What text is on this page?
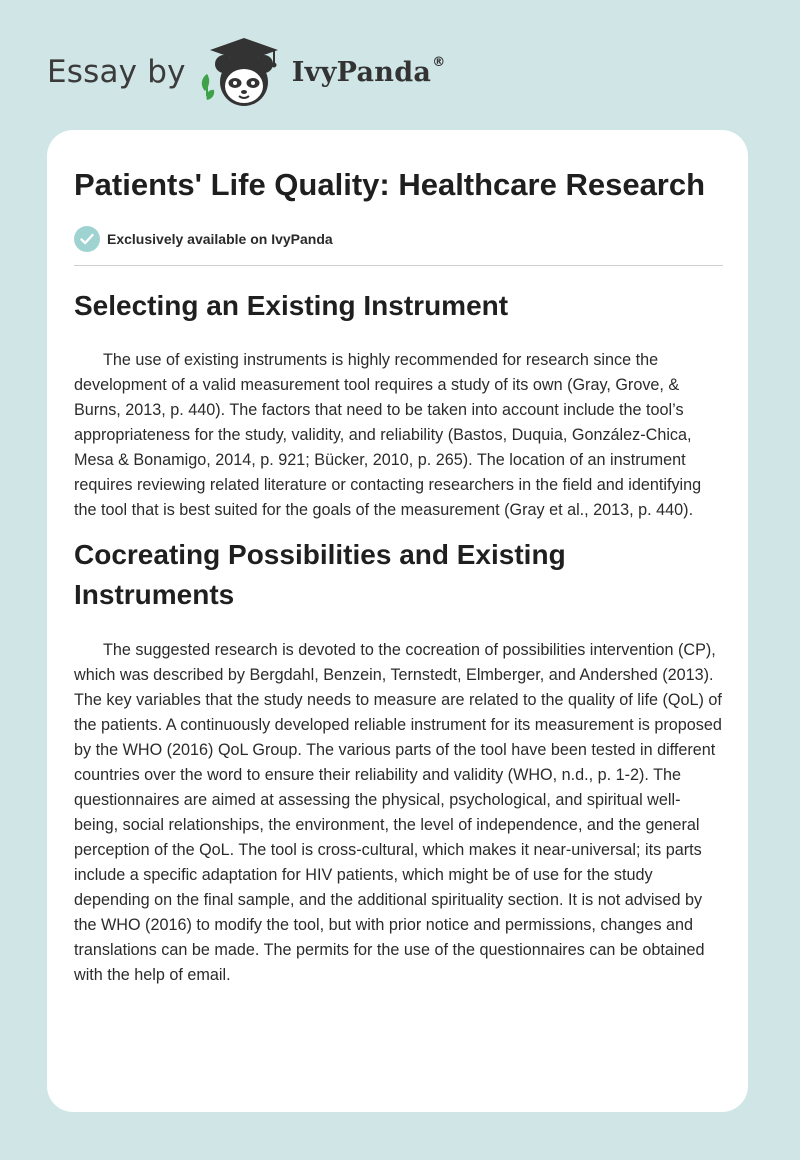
Essay by	IvyPanda®
Patients' Life Quality: Healthcare Research
Exclusively available on IvyPanda
Selecting an Existing Instrument

The use of existing instruments is highly recommended for research since the development of a valid measurement tool requires a study of its own (Gray, Grove, & Burns, 2013, p. 440). The factors that need to be taken into account include the tool’s appropriateness for the study, validity, and reliability (Bastos, Duquia, González-Chica, Mesa & Bonamigo, 2014, p. 921; Bücker, 2010, p. 265). The location of an instrument requires reviewing related literature or contacting researchers in the field and identifying the tool that is best suited for the goals of the measurement (Gray et al., 2013, p. 440).

Cocreating Possibilities and Existing Instruments

The suggested research is devoted to the cocreation of possibilities intervention (CP), which was described by Bergdahl, Benzein, Ternstedt, Elmberger, and Andershed (2013). The key variables that the study needs to measure are related to the quality of life (QoL) of the patients. A continuously developed reliable instrument for its measurement is proposed by the WHO (2016) QoL Group. The various parts of the tool have been tested in different countries over the word to ensure their reliability and validity (WHO, n.d., p. 1-2). The questionnaires are aimed at assessing the physical, psychological, and spiritual well-being, social relationships, the environment, the level of independence, and the general perception of the QoL. The tool is cross-cultural, which makes it near-universal; its parts include a specific adaptation for HIV patients, which might be of use for the study depending on the final sample, and the additional spirituality section. It is not advised by the WHO (2016) to modify the tool, but with prior notice and permissions, changes and translations can be made. The permits for the use of the questionnaires can be obtained with the help of email.
